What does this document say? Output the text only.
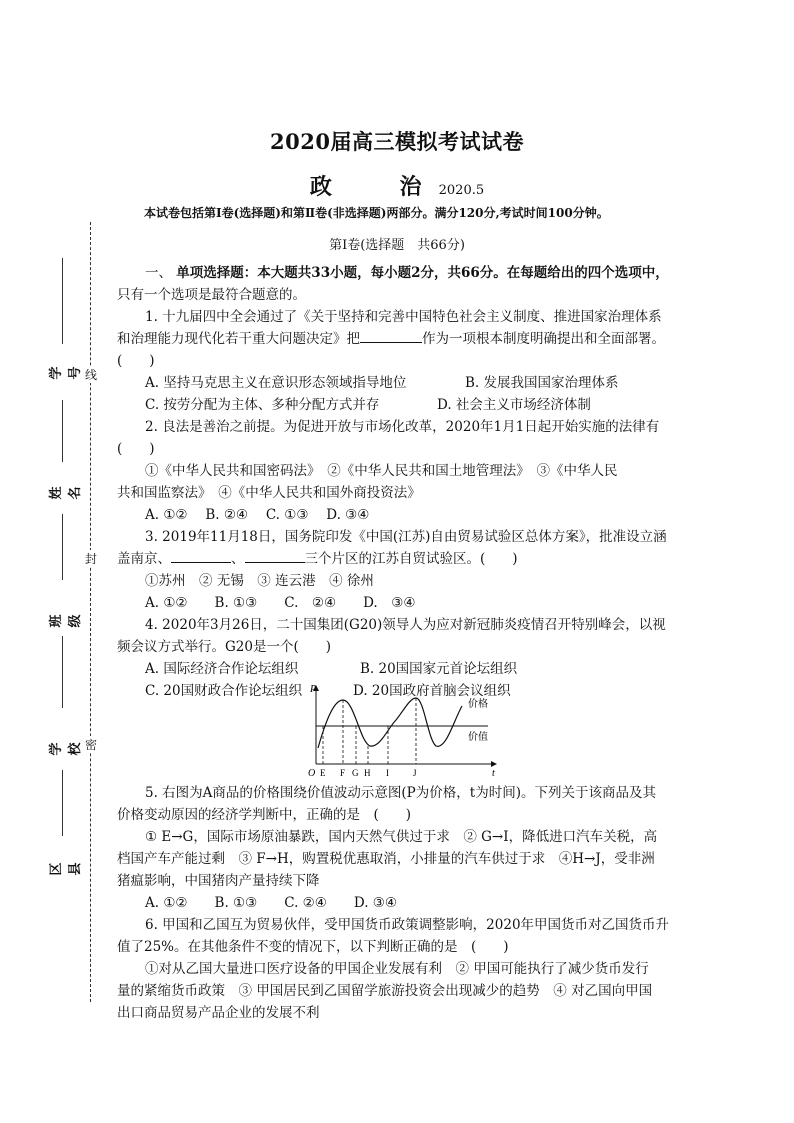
线
封
密
学号
姓名
班级
学校
区县
2020届高三模拟考试试卷
政 治 2020.5
本试卷包括第Ⅰ卷(选择题)和第Ⅱ卷(非选择题)两部分。满分120分,考试时间100分钟。
第Ⅰ卷(选择题　共66分)
一、 单项选择题：本大题共33小题，每小题2分，共66分。在每题给出的四个选项中，
只有一个选项是最符合题意的。
1. 十九届四中全会通过了《关于坚持和完善中国特色社会主义制度、推进国家治理体系
和治理能力现代化若干重大问题决定》把	作为一项根本制度明确提出和全面部署。
(　　)
A. 坚持马克思主义在意识形态领域指导地位	B. 发展我国国家治理体系
C. 按劳分配为主体、多种分配方式并存	D. 社会主义市场经济体制
2. 良法是善治之前提。为促进开放与市场化改革，2020年1月1日起开始实施的法律有
(　　)
①《中华人民共和国密码法》　②《中华人民共和国土地管理法》　③《中华人民
共和国监察法》　④《中华人民共和国外商投资法》
A. ①②　 B. ②④　 C. ①③　 D. ③④
3. 2019年11月18日，国务院印发《中国(江苏)自由贸易试验区总体方案》，批准设立涵
盖南京、	、	三个片区的江苏自贸试验区。(　　)
①苏州　② 无锡　③ 连云港　④ 徐州
A. ①②　　B. ①③　　C.　②④　　D.　③④
4. 2020年3月26日，二十国集团(G20)领导人为应对新冠肺炎疫情召开特别峰会，以视
频会议方式举行。G20是一个(　　)
A. 国际经济合作论坛组织	B. 20国国家元首论坛组织
C. 20国财政合作论坛组织	D. 20国政府首脑会议组织
P
t
O E F G H I	J
价格
价值
5. 右图为A商品的价格围绕价值波动示意图(P为价格，t为时间)。下列关于该商品及其
价格变动原因的经济学判断中，正确的是　(　　)
① E→G，国际市场原油暴跌，国内天然气供过于求　② G→I，降低进口汽车关税，高
档国产车产能过剩　③ F→H，购置税优惠取消，小排量的汽车供过于求　④H→J，受非洲
猪瘟影响，中国猪肉产量持续下降
A. ①②　　B. ①③　　C. ②④　　D. ③④
6. 甲国和乙国互为贸易伙伴，受甲国货币政策调整影响，2020年甲国货币对乙国货币升
值了25%。在其他条件不变的情况下，以下判断正确的是　(　　)
①对从乙国大量进口医疗设备的甲国企业发展有利　② 甲国可能执行了减少货币发行
量的紧缩货币政策　③ 甲国居民到乙国留学旅游投资会出现减少的趋势　④ 对乙国向甲国
出口商品贸易产品企业的发展不利
